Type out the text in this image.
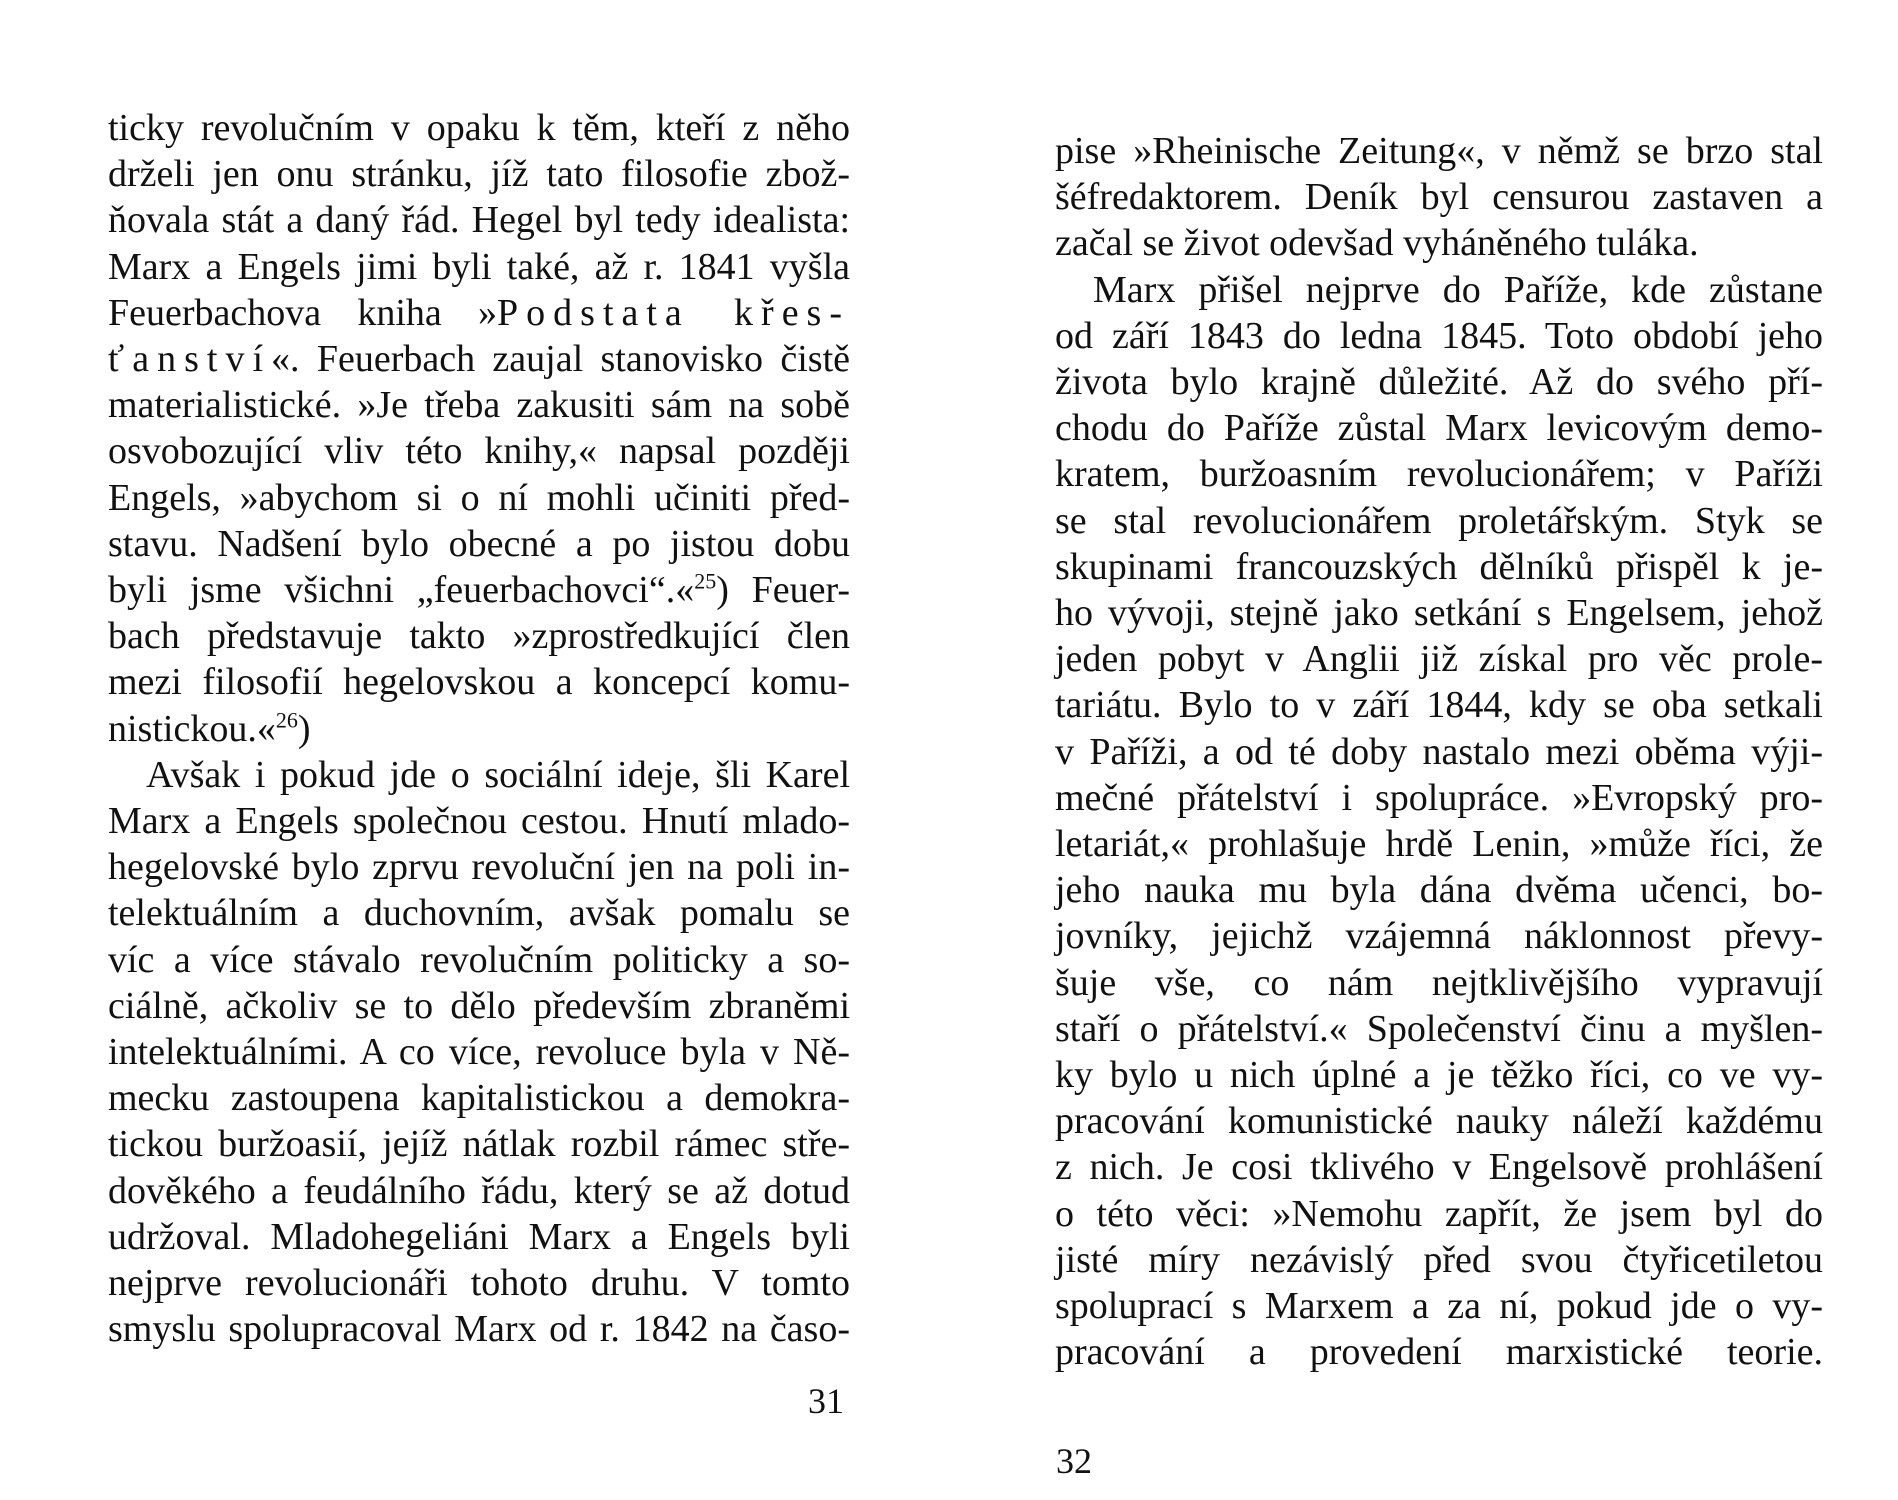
ticky revolučním v opaku k těm, kteří z něho
drželi jen onu stránku, jíž tato filosofie zbož-
ňovala stát a daný řád. Hegel byl tedy idealista:
Marx a Engels jimi byli také, až r. 1841 vyšla
Feuerbachova kniha »Podstata křes-
ťanství«. Feuerbach zaujal stanovisko čistě
materialistické. »Je třeba zakusiti sám na sobě
osvobozující vliv této knihy,« napsal později
Engels, »abychom si o ní mohli učiniti před-
stavu. Nadšení bylo obecné a po jistou dobu
byli jsme všichni „feuerbachovci“.«$^{25}$) Feuer-
bach představuje takto »zprostředkující člen
mezi filosofií hegelovskou a koncepcí komu-
nistickou.«$^{26}$)
Avšak i pokud jde o sociální ideje, šli Karel
Marx a Engels společnou cestou. Hnutí mlado-
hegelovské bylo zprvu revoluční jen na poli in-
telektuálním a duchovním, avšak pomalu se
víc a více stávalo revolučním politicky a so-
ciálně, ačkoliv se to dělo především zbraněmi
intelektuálními. A co více, revoluce byla v Ně-
mecku zastoupena kapitalistickou a demokra-
tickou buržoasií, jejíž nátlak rozbil rámec stře-
dověkého a feudálního řádu, který se až dotud
udržoval. Mladohegeliáni Marx a Engels byli
nejprve revolucionáři tohoto druhu. V tomto
smyslu spolupracoval Marx od r. 1842 na časo-
31
pise »Rheinische Zeitung«, v němž se brzo stal
šéfredaktorem. Deník byl censurou zastaven a
začal se život odevšad vyháněného tuláka.
Marx přišel nejprve do Paříže, kde zůstane
od září 1843 do ledna 1845. Toto období jeho
života bylo krajně důležité. Až do svého pří-
chodu do Paříže zůstal Marx levicovým demo-
kratem, buržoasním revolucionářem; v Paříži
se stal revolucionářem proletářským. Styk se
skupinami francouzských dělníků přispěl k je-
ho vývoji, stejně jako setkání s Engelsem, jehož
jeden pobyt v Anglii již získal pro věc prole-
tariátu. Bylo to v září 1844, kdy se oba setkali
v Paříži, a od té doby nastalo mezi oběma výji-
mečné přátelství i spolupráce. »Evropský pro-
letariát,« prohlašuje hrdě Lenin, »může říci, že
jeho nauka mu byla dána dvěma učenci, bo-
jovníky, jejichž vzájemná náklonnost převy-
šuje vše, co nám nejtklivějšího vypravují
staří o přátelství.« Společenství činu a myšlen-
ky bylo u nich úplné a je těžko říci, co ve vy-
pracování komunistické nauky náleží každému
z nich. Je cosi tklivého v Engelsově prohlášení
o této věci: »Nemohu zapřít, že jsem byl do
jisté míry nezávislý před svou čtyřicetiletou
spoluprací s Marxem a za ní, pokud jde o vy-
pracování a provedení marxistické teorie.
32
